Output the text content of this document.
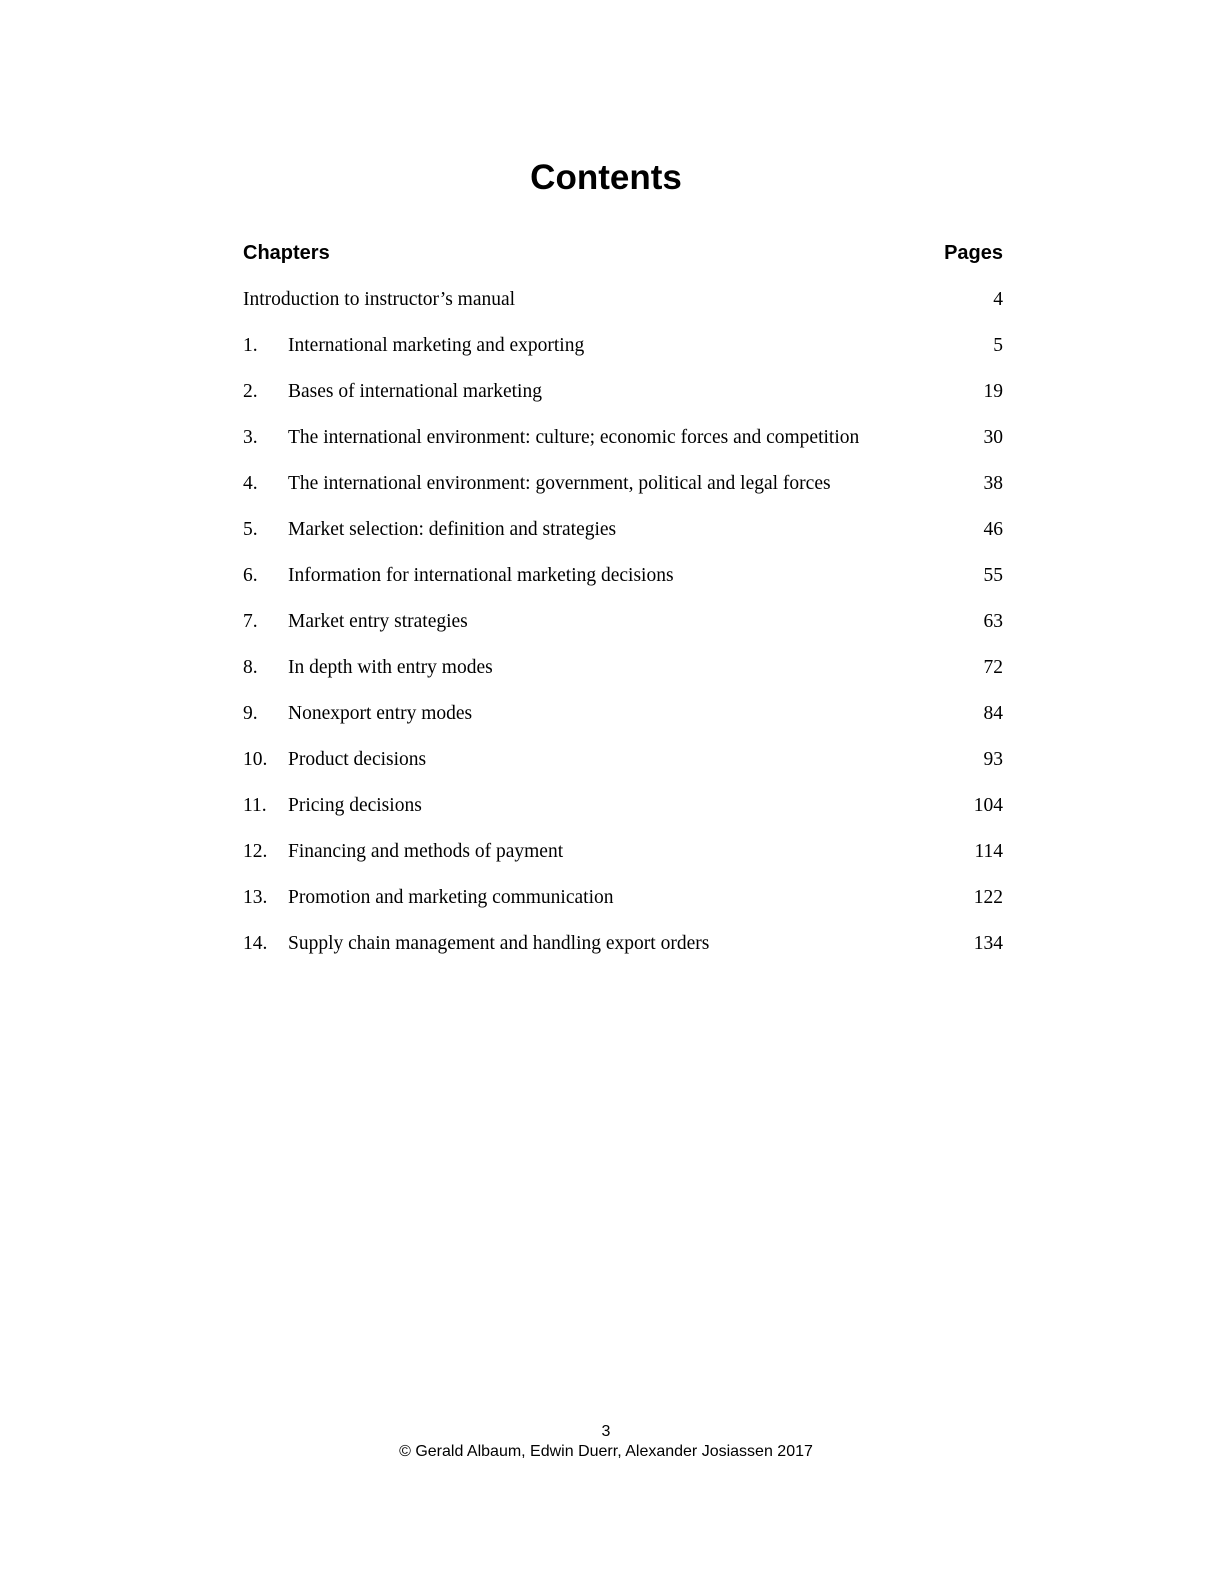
Contents
Chapters	Pages
Introduction to instructor’s manual	4
1.	International marketing and exporting	5
2.	Bases of international marketing	19
3.	The international environment: culture; economic forces and competition	30
4.	The international environment: government, political and legal forces	38
5.	Market selection: definition and strategies	46
6.	Information for international marketing decisions	55
7.	Market entry strategies	63
8.	In depth with entry modes	72
9.	Nonexport entry modes	84
10.	Product decisions	93
11.	Pricing decisions	104
12.	Financing and methods of payment	114
13.	Promotion and marketing communication	122
14.	Supply chain management and handling export orders	134
3
© Gerald Albaum, Edwin Duerr, Alexander Josiassen 2017
